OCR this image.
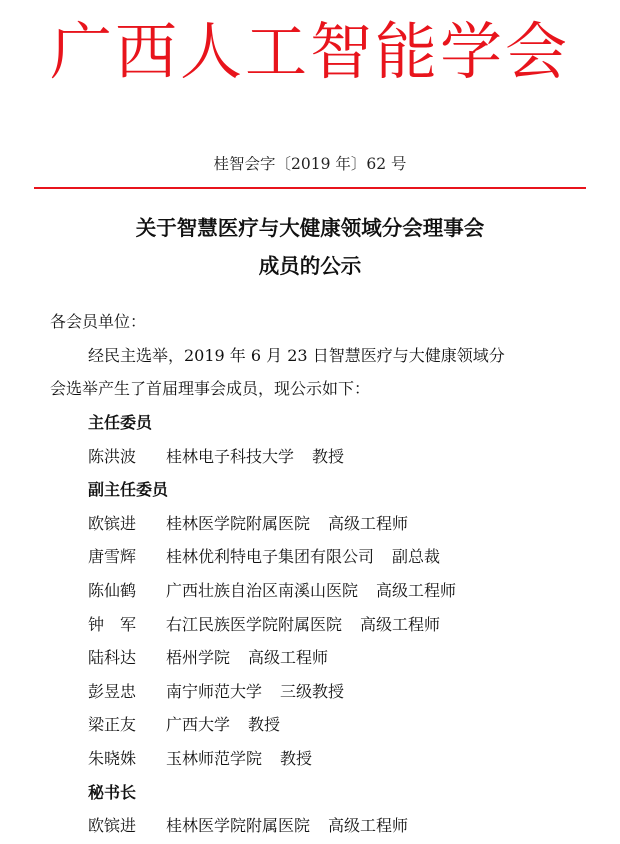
广西人工智能学会
桂智会字〔2019 年〕62 号
关于智慧医疗与大健康领域分会理事会
成员的公示
各会员单位：
经民主选举，2019 年 6 月 23 日智慧医疗与大健康领域分
会选举产生了首届理事会成员，现公示如下：
主任委员
陈洪波 桂林电子科技大学 教授
副主任委员
欧镔进 桂林医学院附属医院 高级工程师
唐雪辉 桂林优利特电子集团有限公司 副总裁
陈仙鹤 广西壮族自治区南溪山医院 高级工程师
钟　军 右江民族医学院附属医院 高级工程师
陆科达 梧州学院 高级工程师
彭昱忠 南宁师范大学 三级教授
梁正友 广西大学 教授
朱晓姝 玉林师范学院 教授
秘书长
欧镔进 桂林医学院附属医院 高级工程师
